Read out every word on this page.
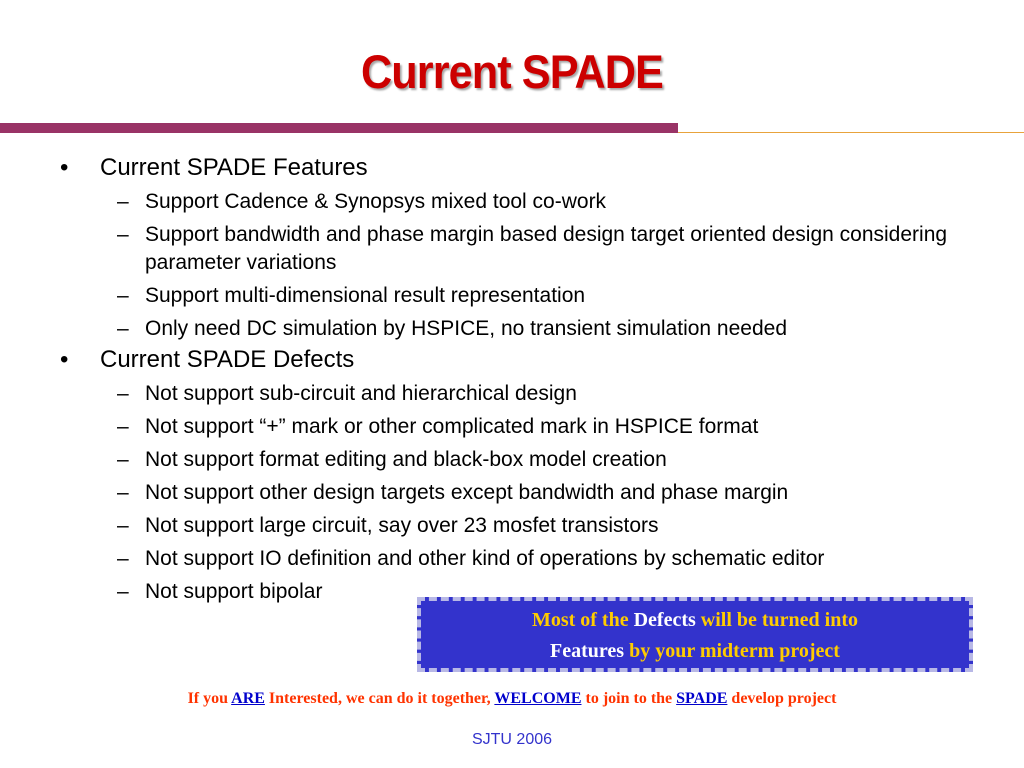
Current SPADE
• Current SPADE Features
– Support Cadence & Synopsys mixed tool co-work
– Support bandwidth and phase margin based design target oriented design considering parameter variations
– Support multi-dimensional result representation
– Only need DC simulation by HSPICE, no transient simulation needed
• Current SPADE Defects
– Not support sub-circuit and hierarchical design
– Not support “+” mark or other complicated mark in HSPICE format
– Not support format editing and black-box model creation
– Not support other design targets except bandwidth and phase margin
– Not support large circuit, say over 23 mosfet transistors
– Not support IO definition and other kind of operations by schematic editor
– Not support bipolar
Most of the Defects will be turned into
Features by your midterm project
If you ARE Interested, we can do it together, WELCOME to join to the SPADE develop project
SJTU 2006
